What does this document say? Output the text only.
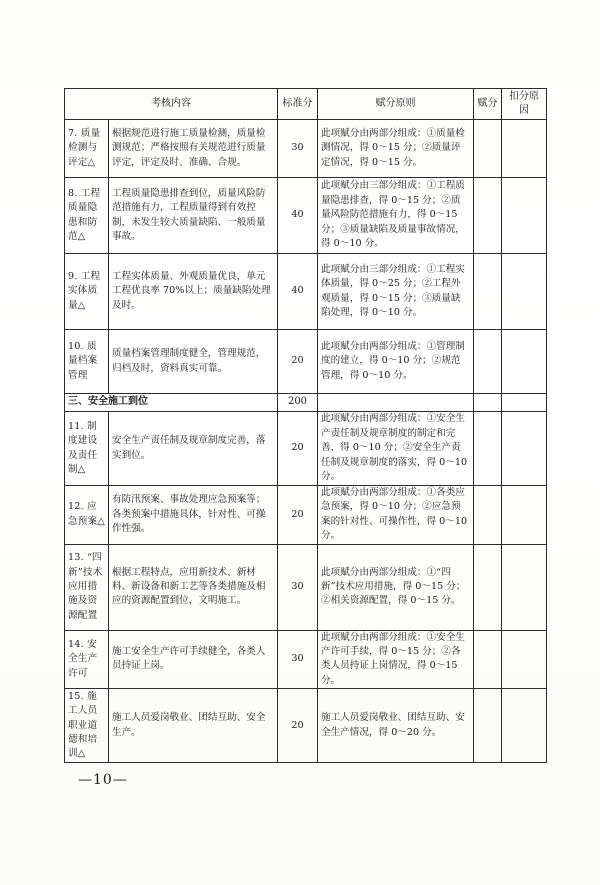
考核内容		标准分	赋分原则	赋分	扣分原因
7. 质量检测与评定△	根据规范进行施工质量检测，质量检测规范；严格按照有关规范进行质量评定，评定及时、准确、合规。	30	此项赋分由两部分组成：①质量检测情况，得 0～15 分；②质量评定情况，得 0～15 分。		
8. 工程质量隐患和防范△	工程质量隐患排查到位，质量风险防范措施有力，工程质量得到有效控制，未发生较大质量缺陷、一般质量事故。	40	此项赋分由三部分组成：①工程质量隐患排查，得 0～15 分；②质量风险防范措施有力，得 0～15 分；③质量缺陷及质量事故情况，得 0～10 分。		
9. 工程实体质量△	工程实体质量、外观质量优良，单元工程优良率 70%以上；质量缺陷处理及时。	40	此项赋分由三部分组成：①工程实体质量，得 0～25 分；②工程外观质量，得 0～15 分；③质量缺陷处理，得 0～10 分。		
10. 质量档案管理	质量档案管理制度健全，管理规范，归档及时，资料真实可靠。	20	此项赋分由两部分组成：①管理制度的建立，得 0～10 分；②规范管理，得 0～10 分。		
三、安全施工到位		200			
11. 制度建设及责任制△	安全生产责任制及规章制度完善，落实到位。	20	此项赋分由两部分组成：①安全生产责任制及规章制度的制定和完善，得 0～10 分；②安全生产责任制及规章制度的落实，得 0～10 分。		
12. 应急预案△	有防汛预案、事故处理应急预案等；各类预案中措施具体，针对性、可操作性强。	20	此项赋分由两部分组成：①各类应急预案，得 0～10 分；②应急预案的针对性、可操作性，得 0～10 分。		
13. “四新”技术应用措施及资源配置	根据工程特点，应用新技术、新材料、新设备和新工艺等各类措施及相应的资源配置到位，文明施工。	30	此项赋分由两部分组成：①“四新”技术应用措施，得 0～15 分；②相关资源配置，得 0～15 分。		
14. 安全生产许可	施工安全生产许可手续健全，各类人员持证上岗。	30	此项赋分由两部分组成：①安全生产许可手续，得 0～15 分；②各类人员持证上岗情况，得 0～15 分。		
15. 施工人员职业道德和培训△	施工人员爱岗敬业、团结互助、安全生产。	20	施工人员爱岗敬业、团结互助、安全生产情况，得 0～20 分。		
—10—
